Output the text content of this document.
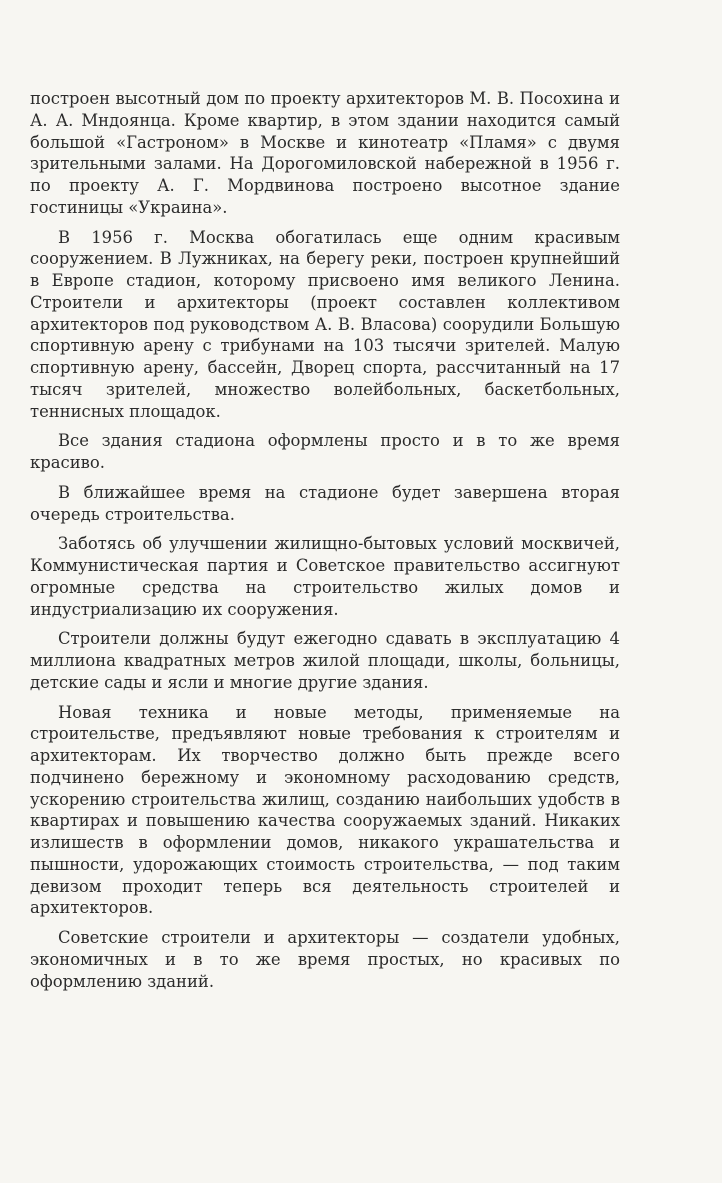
построен высотный дом по проекту архитекторов М. В. Посохина и А. А. Мндоянца. Кроме квартир, в этом здании находится самый большой «Гастроном» в Москве и кинотеатр «Пламя» с двумя зрительными залами. На Дорогомиловской набережной в 1956 г. по проекту А. Г. Мордвинова построено высотное здание гостиницы «Украина».

В 1956 г. Москва обогатилась еще одним красивым сооружением. В Лужниках, на берегу реки, построен крупнейший в Европе стадион, которому присвоено имя великого Ленина. Строители и архитекторы (проект составлен коллективом архитекторов под руководством А. В. Власова) соорудили Большую спортивную арену с трибунами на 103 тысячи зрителей. Малую спортивную арену, бассейн, Дворец спорта, рассчитанный на 17 тысяч зрителей, множество волейбольных, баскетбольных, теннисных площадок.

Все здания стадиона оформлены просто и в то же время красиво.

В ближайшее время на стадионе будет завершена вторая очередь строительства.

Заботясь об улучшении жилищно-бытовых условий москвичей, Коммунистическая партия и Советское правительство ассигнуют огромные средства на строительство жилых домов и индустриализацию их сооружения.

Строители должны будут ежегодно сдавать в эксплуатацию 4 миллиона квадратных метров жилой площади, школы, больницы, детские сады и ясли и многие другие здания.

Новая техника и новые методы, применяемые на строительстве, предъявляют новые требования к строителям и архитекторам. Их творчество должно быть прежде всего подчинено бережному и экономному расходованию средств, ускорению строительства жилищ, созданию наибольших удобств в квартирах и повышению качества сооружаемых зданий. Никаких излишеств в оформлении домов, никакого украшательства и пышности, удорожающих стоимость строительства, — под таким девизом проходит теперь вся деятельность строителей и архитекторов.

Советские строители и архитекторы — создатели удобных, экономичных и в то же время простых, но красивых по оформлению зданий.
